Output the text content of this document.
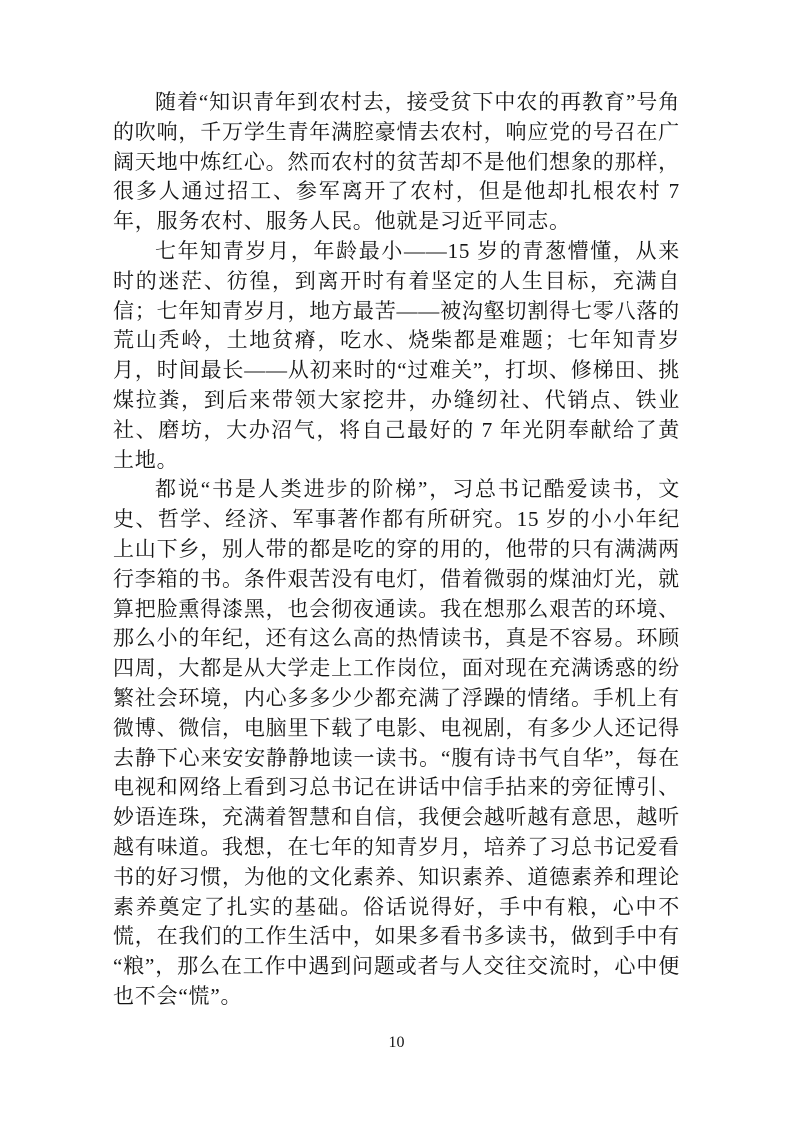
随着“知识青年到农村去，接受贫下中农的再教育”号角的吹响，千万学生青年满腔豪情去农村，响应党的号召在广阔天地中炼红心。然而农村的贫苦却不是他们想象的那样，很多人通过招工、参军离开了农村，但是他却扎根农村 7 年，服务农村、服务人民。他就是习近平同志。

七年知青岁月，年龄最小——15 岁的青葱懵懂，从来时的迷茫、彷徨，到离开时有着坚定的人生目标，充满自信；七年知青岁月，地方最苦——被沟壑切割得七零八落的荒山秃岭，土地贫瘠，吃水、烧柴都是难题；七年知青岁月，时间最长——从初来时的“过难关”，打坝、修梯田、挑煤拉粪，到后来带领大家挖井，办缝纫社、代销点、铁业社、磨坊，大办沼气，将自己最好的 7 年光阴奉献给了黄土地。

都说“书是人类进步的阶梯”，习总书记酷爱读书，文史、哲学、经济、军事著作都有所研究。15 岁的小小年纪上山下乡，别人带的都是吃的穿的用的，他带的只有满满两行李箱的书。条件艰苦没有电灯，借着微弱的煤油灯光，就算把脸熏得漆黑，也会彻夜通读。我在想那么艰苦的环境、那么小的年纪，还有这么高的热情读书，真是不容易。环顾四周，大都是从大学走上工作岗位，面对现在充满诱惑的纷繁社会环境，内心多多少少都充满了浮躁的情绪。手机上有微博、微信，电脑里下载了电影、电视剧，有多少人还记得去静下心来安安静静地读一读书。“腹有诗书气自华”，每在电视和网络上看到习总书记在讲话中信手拈来的旁征博引、妙语连珠，充满着智慧和自信，我便会越听越有意思，越听越有味道。我想，在七年的知青岁月，培养了习总书记爱看书的好习惯，为他的文化素养、知识素养、道德素养和理论素养奠定了扎实的基础。俗话说得好，手中有粮，心中不慌，在我们的工作生活中，如果多看书多读书，做到手中有“粮”，那么在工作中遇到问题或者与人交往交流时，心中便也不会“慌”。

10
